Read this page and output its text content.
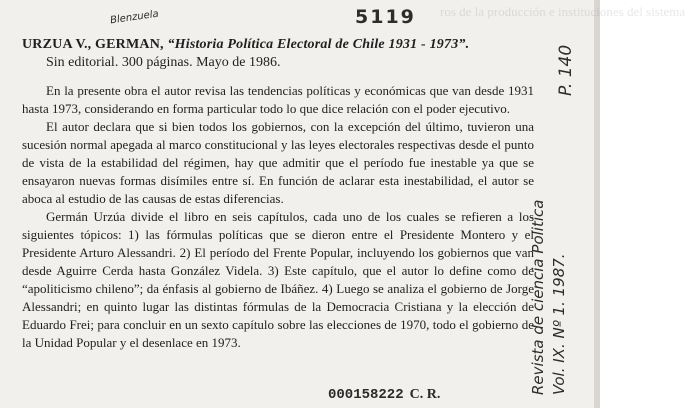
ros de la producción e instituciones del sistema
5119
Blenzuela
P. 140
Revista de ciencia Politica Vol. IX. Nº 1. 1987.

URZUA V., GERMAN, “Historia Política Electoral de Chile 1931 - 1973”.

Sin editorial. 300 páginas. Mayo de 1986.

En la presente obra el autor revisa las tendencias políticas y económicas que van desde 1931 hasta 1973, considerando en forma particular todo lo que dice relación con el poder ejecutivo.

El autor declara que si bien todos los gobiernos, con la excepción del último, tuvieron una sucesión normal apegada al marco constitucional y las leyes electorales respectivas desde el punto de vista de la estabilidad del régimen, hay que admitir que el período fue inestable ya que se ensayaron nuevas formas disímiles entre sí. En función de aclarar esta inestabilidad, el autor se aboca al estudio de las causas de estas diferencias.

Germán Urzúa divide el libro en seis capítulos, cada uno de los cuales se refieren a los siguientes tópicos: 1) las fórmulas políticas que se dieron entre el Presidente Montero y el Presidente Arturo Alessandri. 2) El período del Frente Popular, incluyendo los gobiernos que van desde Aguirre Cerda hasta González Videla. 3) Este capítulo, que el autor lo define como de “apoliticismo chileno”; da énfasis al gobierno de Ibáñez. 4) Luego se analiza el gobierno de Jorge Alessandri; en quinto lugar las distintas fórmulas de la Democracia Cristiana y la elección de Eduardo Frei; para concluir en un sexto capítulo sobre las elecciones de 1970, todo el gobierno de la Unidad Popular y el desenlace en 1973.

000158222 C. R.
